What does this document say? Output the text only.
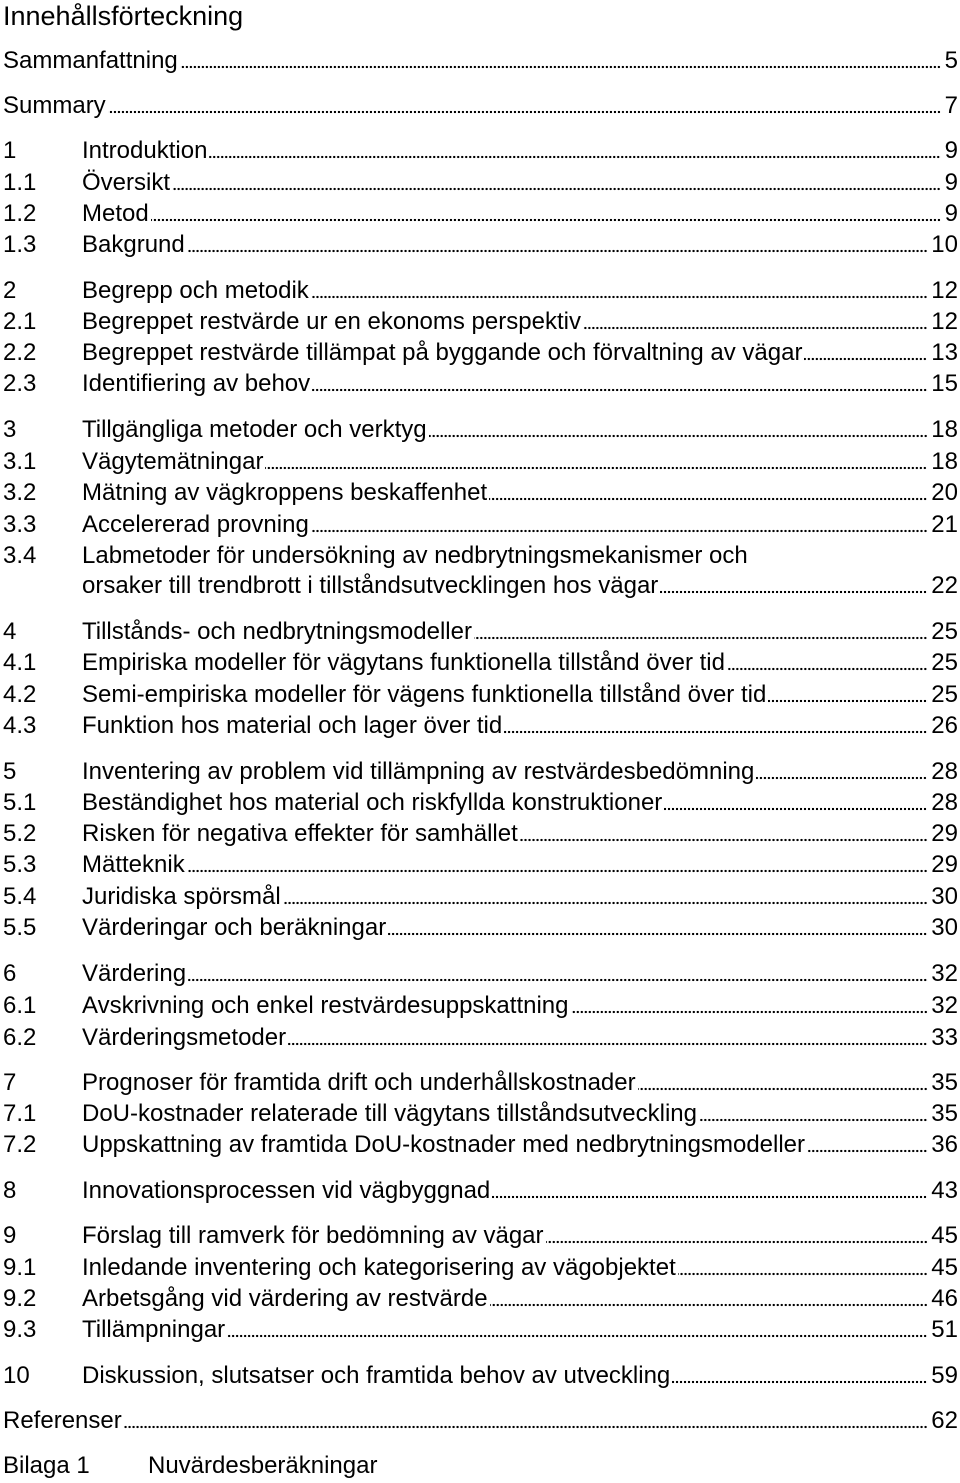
Innehållsförteckning
Sammanfattning	5
Summary	7
1	Introduktion	9
1.1	Översikt	9
1.2	Metod	9
1.3	Bakgrund	10
2	Begrepp och metodik	12
2.1	Begreppet restvärde ur en ekonoms perspektiv	12
2.2	Begreppet restvärde tillämpat på byggande och förvaltning av vägar	13
2.3	Identifiering av behov	15
3	Tillgängliga metoder och verktyg	18
3.1	Vägytemätningar	18
3.2	Mätning av vägkroppens beskaffenhet	20
3.3	Accelererad provning	21
3.4	Labmetoder för undersökning av nedbrytningsmekanismer och
orsaker till trendbrott i tillståndsutvecklingen hos vägar	22
4	Tillstånds- och nedbrytningsmodeller	25
4.1	Empiriska modeller för vägytans funktionella tillstånd över tid	25
4.2	Semi-empiriska modeller för vägens funktionella tillstånd över tid	25
4.3	Funktion hos material och lager över tid	26
5	Inventering av problem vid tillämpning av restvärdesbedömning	28
5.1	Beständighet hos material och riskfyllda konstruktioner	28
5.2	Risken för negativa effekter för samhället	29
5.3	Mätteknik	29
5.4	Juridiska spörsmål	30
5.5	Värderingar och beräkningar	30
6	Värdering	32
6.1	Avskrivning och enkel restvärdesuppskattning	32
6.2	Värderingsmetoder	33
7	Prognoser för framtida drift och underhållskostnader	35
7.1	DoU-kostnader relaterade till vägytans tillståndsutveckling	35
7.2	Uppskattning av framtida DoU-kostnader med nedbrytningsmodeller	36
8	Innovationsprocessen vid vägbyggnad	43
9	Förslag till ramverk för bedömning av vägar	45
9.1	Inledande inventering och kategorisering av vägobjektet	45
9.2	Arbetsgång vid värdering av restvärde	46
9.3	Tillämpningar	51
10	Diskussion, slutsatser och framtida behov av utveckling	59
Referenser	62
Bilaga 1 Nuvärdesberäkningar
